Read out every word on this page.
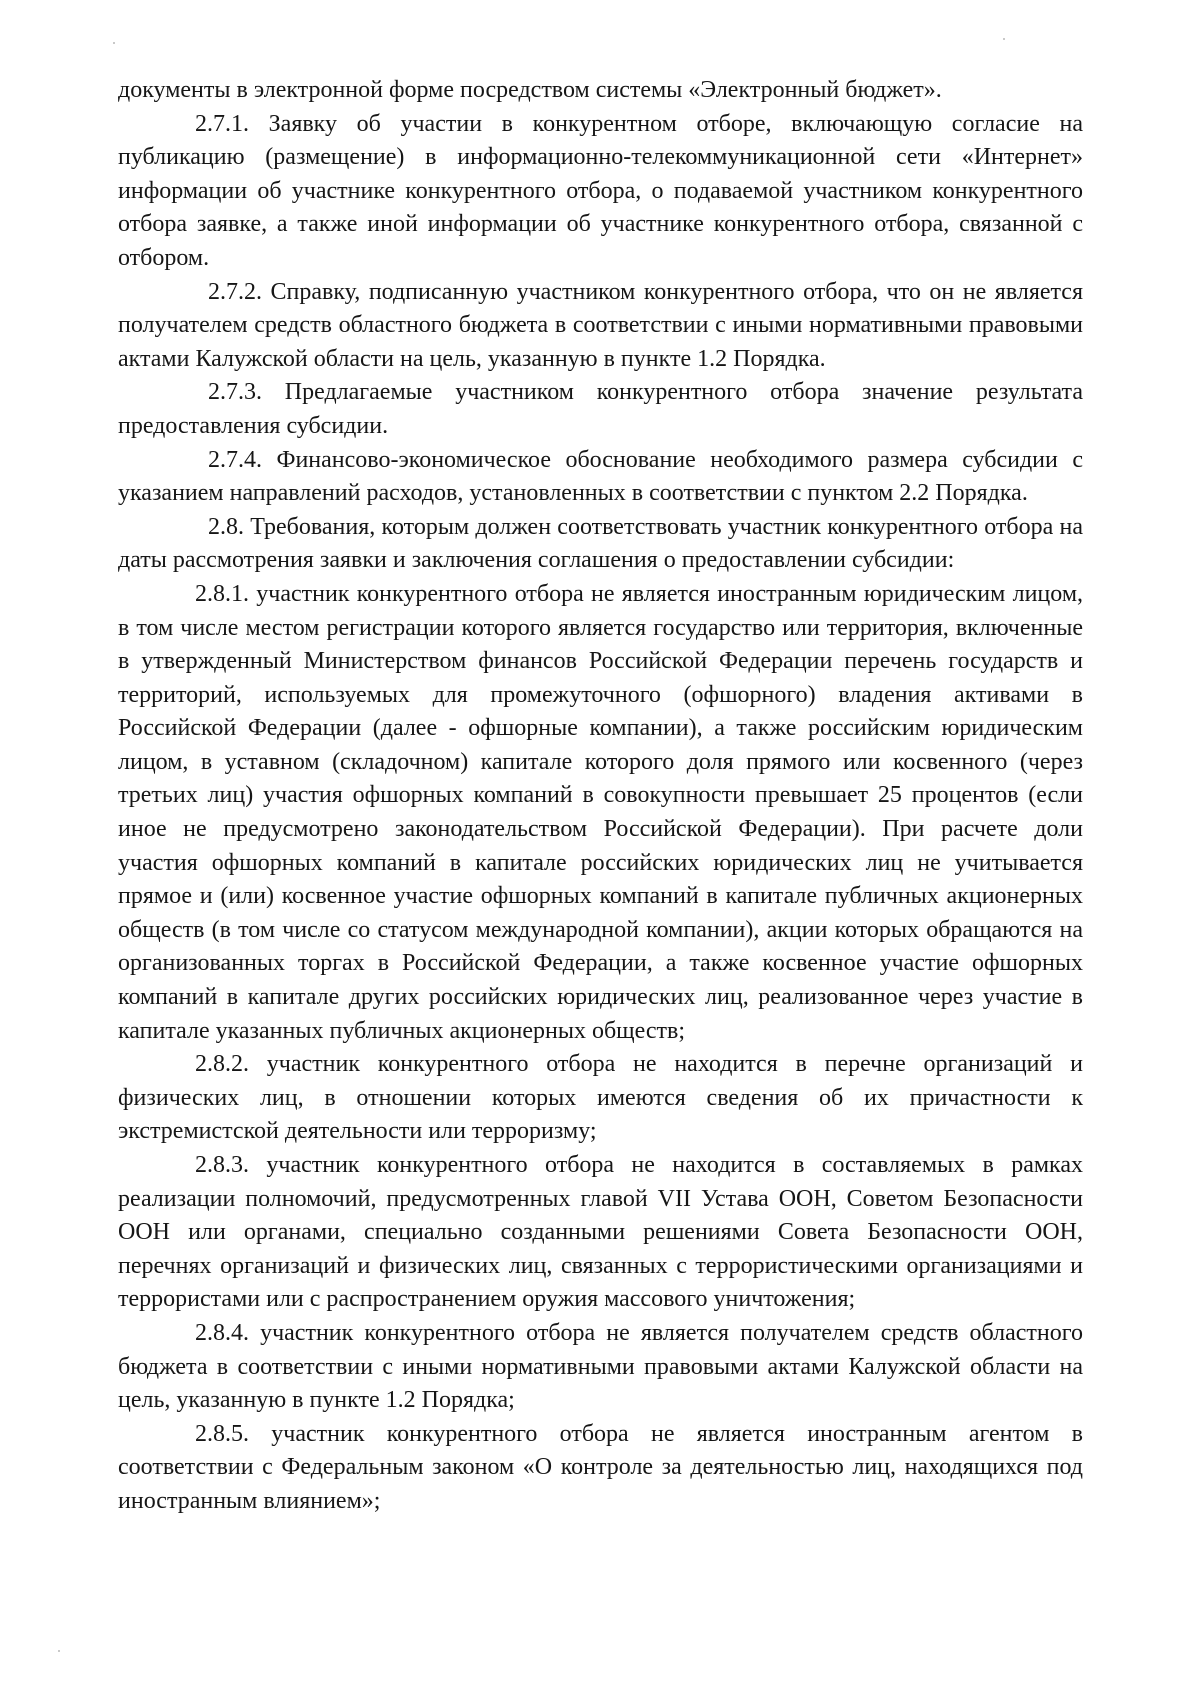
документы в электронной форме посредством системы «Электронный бюджет».

2.7.1. Заявку об участии в конкурентном отборе, включающую согласие на публикацию (размещение) в информационно-телекоммуникационной сети «Интернет» информации об участнике конкурентного отбора, о подаваемой участником конкурентного отбора заявке, а также иной информации об участнике конкурентного отбора, связанной с отбором.

2.7.2. Справку, подписанную участником конкурентного отбора, что он не является получателем средств областного бюджета в соответствии с иными нормативными правовыми актами Калужской области на цель, указанную в пункте 1.2 Порядка.

2.7.3. Предлагаемые участником конкурентного отбора значение результата предоставления субсидии.

2.7.4. Финансово-экономическое обоснование необходимого размера субсидии с указанием направлений расходов, установленных в соответствии с пунктом 2.2 Порядка.

2.8. Требования, которым должен соответствовать участник конкурентного отбора на даты рассмотрения заявки и заключения соглашения о предоставлении субсидии:

2.8.1. участник конкурентного отбора не является иностранным юридическим лицом, в том числе местом регистрации которого является государство или территория, включенные в утвержденный Министерством финансов Российской Федерации перечень государств и территорий, используемых для промежуточного (офшорного) владения активами в Российской Федерации (далее - офшорные компании), а также российским юридическим лицом, в уставном (складочном) капитале которого доля прямого или косвенного (через третьих лиц) участия офшорных компаний в совокупности превышает 25 процентов (если иное не предусмотрено законодательством Российской Федерации). При расчете доли участия офшорных компаний в капитале российских юридических лиц не учитывается прямое и (или) косвенное участие офшорных компаний в капитале публичных акционерных обществ (в том числе со статусом международной компании), акции которых обращаются на организованных торгах в Российской Федерации, а также косвенное участие офшорных компаний в капитале других российских юридических лиц, реализованное через участие в капитале указанных публичных акционерных обществ;

2.8.2. участник конкурентного отбора не находится в перечне организаций и физических лиц, в отношении которых имеются сведения об их причастности к экстремистской деятельности или терроризму;

2.8.3. участник конкурентного отбора не находится в составляемых в рамках реализации полномочий, предусмотренных главой VII Устава ООН, Советом Безопасности ООН или органами, специально созданными решениями Совета Безопасности ООН, перечнях организаций и физических лиц, связанных с террористическими организациями и террористами или с распространением оружия массового уничтожения;

2.8.4. участник конкурентного отбора не является получателем средств областного бюджета в соответствии с иными нормативными правовыми актами Калужской области на цель, указанную в пункте 1.2 Порядка;

2.8.5. участник конкурентного отбора не является иностранным агентом в соответствии с Федеральным законом «О контроле за деятельностью лиц, находящихся под иностранным влиянием»;
